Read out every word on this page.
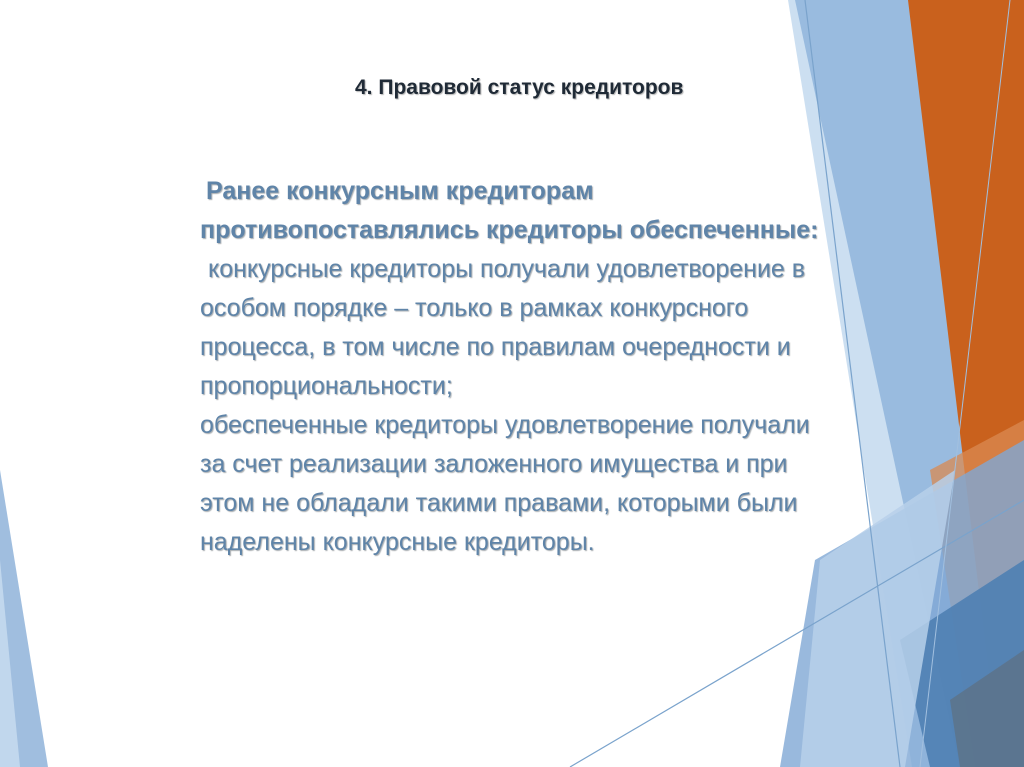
4. Правовой статус кредиторов
Ранее конкурсным кредиторам
противопоставлялись кредиторы обеспеченные:
конкурсные кредиторы получали удовлетворение в
особом порядке – только в рамках конкурсного
процесса, в том числе по правилам очередности и
пропорциональности;
обеспеченные кредиторы удовлетворение получали
за счет реализации заложенного имущества и при
этом не обладали такими правами, которыми были
наделены конкурсные кредиторы.
